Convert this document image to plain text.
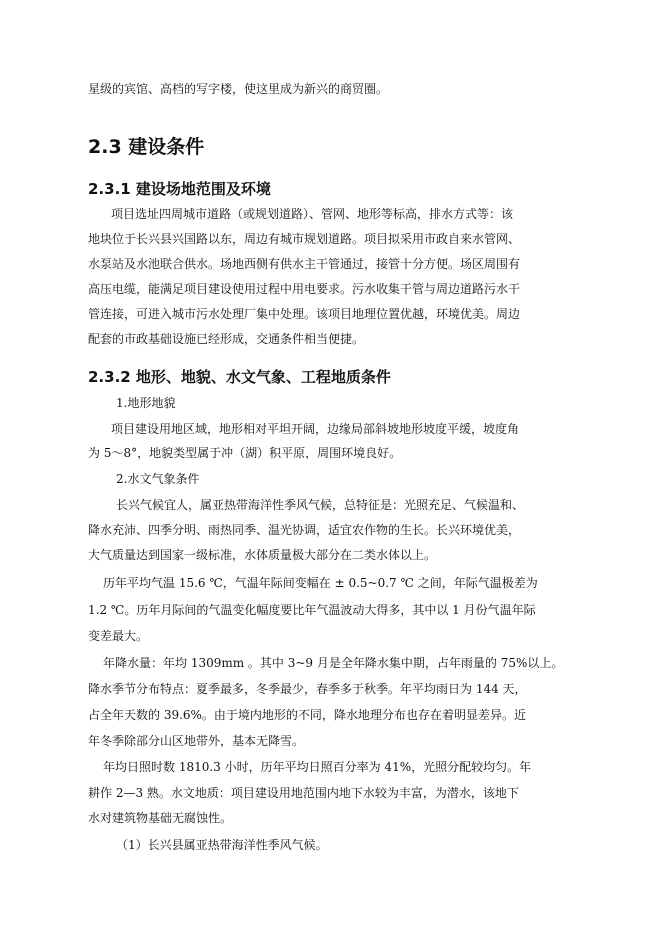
星级的宾馆、高档的写字楼，使这里成为新兴的商贸圈。
2.3 建设条件
2.3.1 建设场地范围及环境
项目选址四周城市道路（或规划道路）、管网、地形等标高，排水方式等：该
地块位于长兴县兴国路以东，周边有城市规划道路。项目拟采用市政自来水管网、
水泵站及水池联合供水。场地西侧有供水主干管通过，接管十分方便。场区周围有
高压电缆，能满足项目建设使用过程中用电要求。污水收集干管与周边道路污水干
管连接，可进入城市污水处理厂集中处理。该项目地理位置优越，环境优美。周边
配套的市政基础设施已经形成，交通条件相当便捷。
2.3.2 地形、地貌、水文气象、工程地质条件
1.地形地貌
项目建设用地区域，地形相对平坦开阔，边缘局部斜坡地形坡度平缓，坡度角
为 5～8°，地貌类型属于冲（湖）积平原，周围环境良好。
2.水文气象条件
长兴气候宜人，属亚热带海洋性季风气候，总特征是：光照充足、气候温和、
降水充沛、四季分明、雨热同季、温光协调，适宜农作物的生长。长兴环境优美，
大气质量达到国家一级标准，水体质量极大部分在二类水体以上。
历年平均气温 15.6 ℃，气温年际间变幅在 ± 0.5~0.7 ℃ 之间，年际气温极差为
1.2 ℃。历年月际间的气温变化幅度要比年气温波动大得多，其中以 1 月份气温年际
变差最大。
年降水量：年均 1309mm 。其中 3~9 月是全年降水集中期，占年雨量的 75%以上。
降水季节分布特点：夏季最多，冬季最少，春季多于秋季。年平均雨日为 144 天，
占全年天数的 39.6%。由于境内地形的不同，降水地理分布也存在着明显差异。近
年冬季除部分山区地带外，基本无降雪。
年均日照时数 1810.3 小时，历年平均日照百分率为 41%，光照分配较均匀。年
耕作 2—3 熟。水文地质：项目建设用地范围内地下水较为丰富，为潜水，该地下
水对建筑物基础无腐蚀性。
（1）长兴县属亚热带海洋性季风气候。
